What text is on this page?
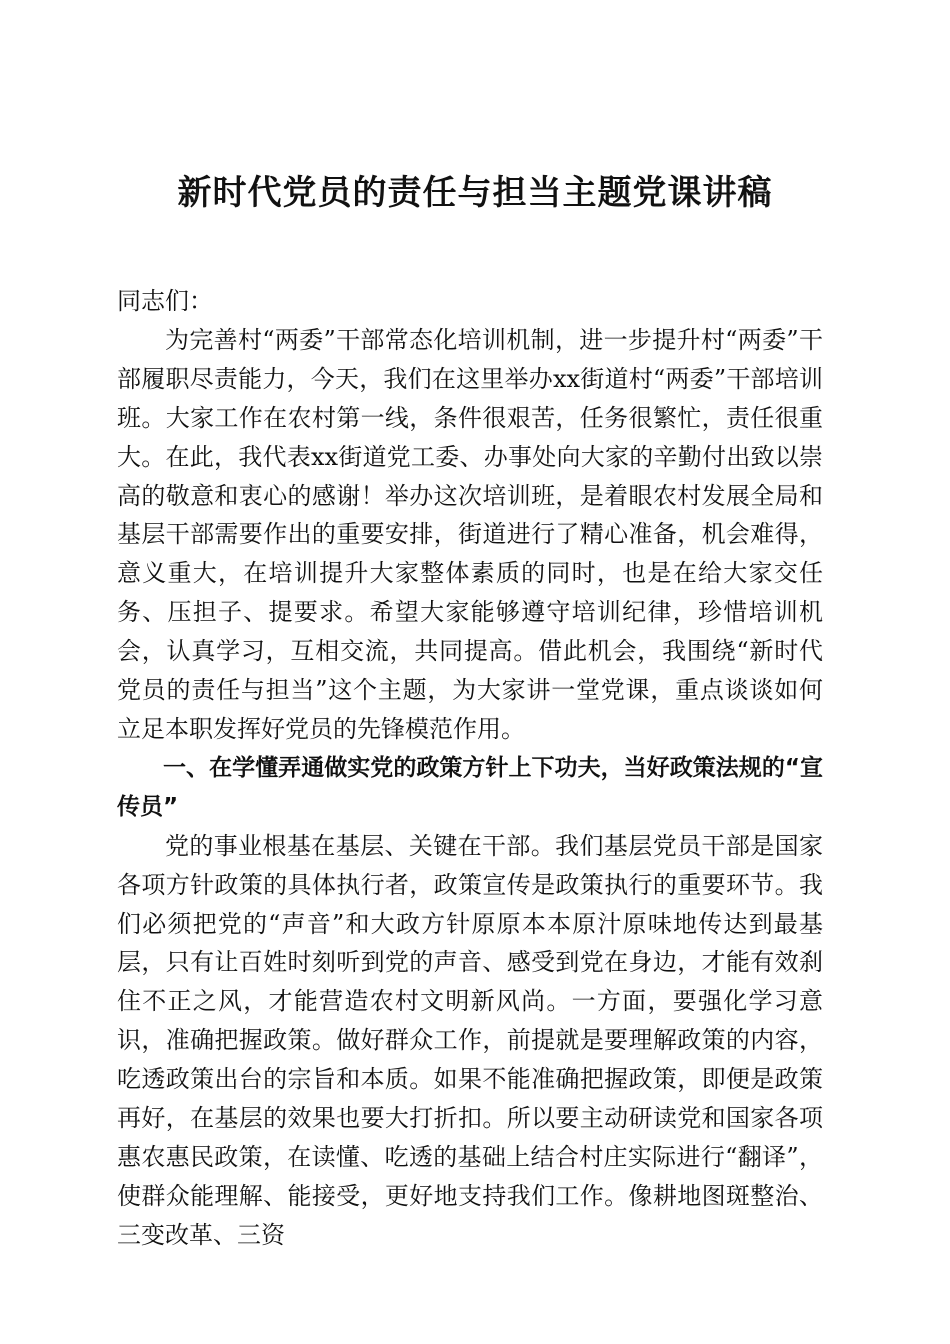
新时代党员的责任与担当主题党课讲稿

同志们：

为完善村“两委”干部常态化培训机制，进一步提升村“两委”干部履职尽责能力，今天，我们在这里举办xx街道村“两委”干部培训班。大家工作在农村第一线，条件很艰苦，任务很繁忙，责任很重大。在此，我代表xx街道党工委、办事处向大家的辛勤付出致以崇高的敬意和衷心的感谢！举办这次培训班，是着眼农村发展全局和基层干部需要作出的重要安排，街道进行了精心准备，机会难得，意义重大，在培训提升大家整体素质的同时，也是在给大家交任务、压担子、提要求。希望大家能够遵守培训纪律，珍惜培训机会，认真学习，互相交流，共同提高。借此机会，我围绕“新时代党员的责任与担当”这个主题，为大家讲一堂党课，重点谈谈如何立足本职发挥好党员的先锋模范作用。

一、在学懂弄通做实党的政策方针上下功夫，当好政策法规的“宣传员”

党的事业根基在基层、关键在干部。我们基层党员干部是国家各项方针政策的具体执行者，政策宣传是政策执行的重要环节。我们必须把党的“声音”和大政方针原原本本原汁原味地传达到最基层，只有让百姓时刻听到党的声音、感受到党在身边，才能有效刹住不正之风，才能营造农村文明新风尚。一方面，要强化学习意识，准确把握政策。做好群众工作，前提就是要理解政策的内容，吃透政策出台的宗旨和本质。如果不能准确把握政策，即便是政策再好，在基层的效果也要大打折扣。所以要主动研读党和国家各项惠农惠民政策，在读懂、吃透的基础上结合村庄实际进行“翻译”，使群众能理解、能接受，更好地支持我们工作。像耕地图斑整治、三变改革、三资
